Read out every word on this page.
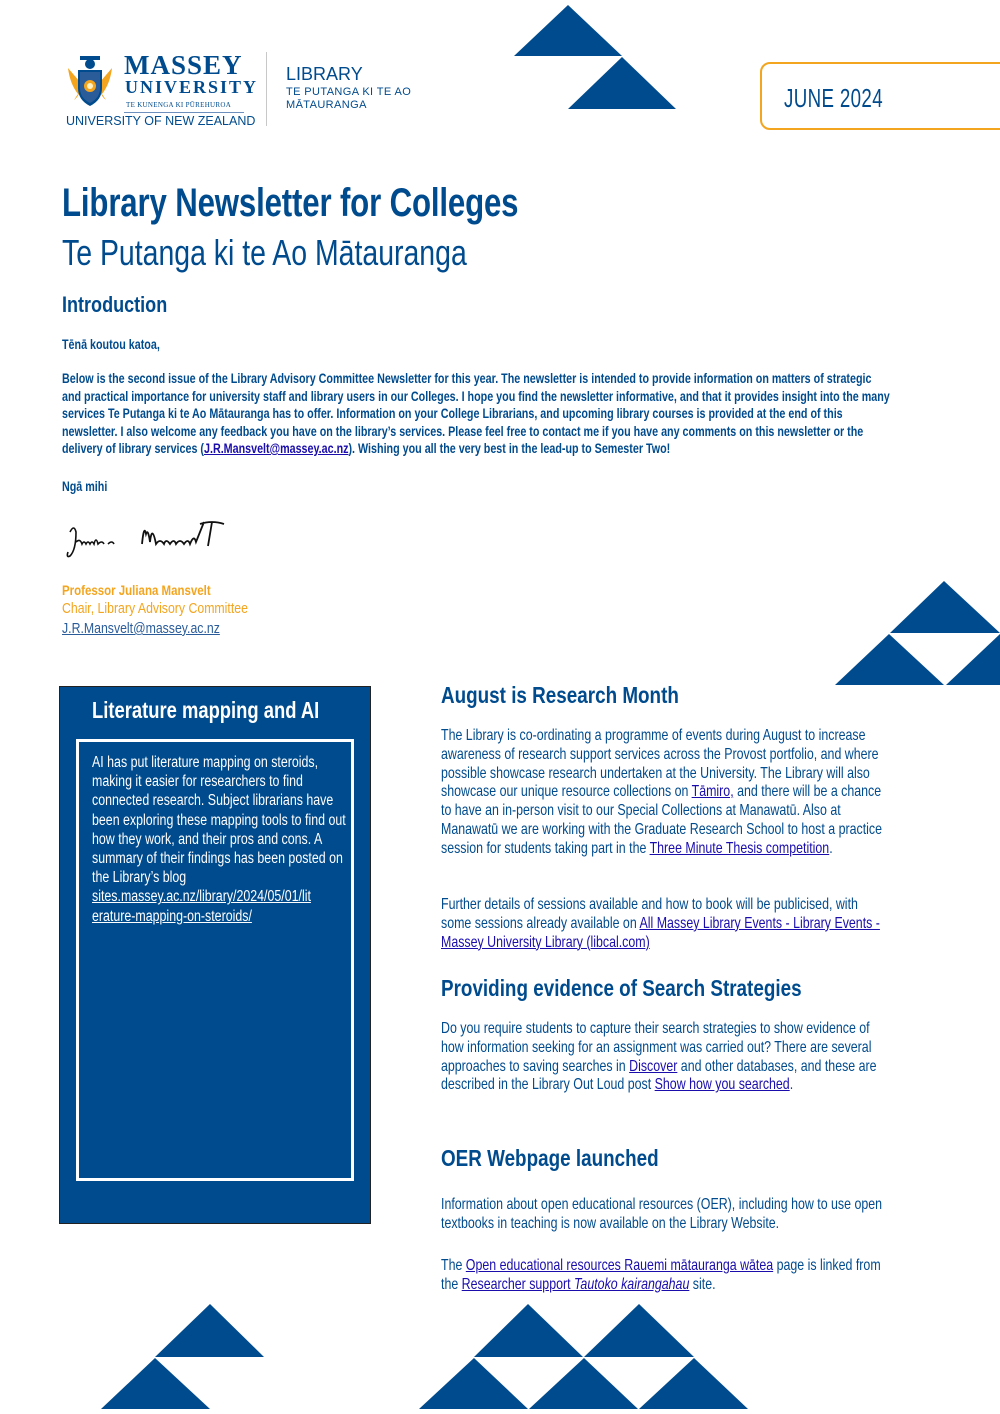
MASSEY
UNIVERSITY
TE KUNENGA KI PŪREHUROA
UNIVERSITY OF NEW ZEALAND
LIBRARY
TE PUTANGA KI TE AO MĀTAURANGA	JUNE 2024
Library Newsletter for Colleges
Te Putanga ki te Ao Mātauranga
Introduction
Tēnā koutou katoa,
Below is the second issue of the Library Advisory Committee Newsletter for this year. The newsletter is intended to provide information on matters of strategic
and practical importance for university staff and library users in our Colleges. I hope you find the newsletter informative, and that it provides insight into the many
services Te Putanga ki te Ao Mātauranga has to offer. Information on your College Librarians, and upcoming library courses is provided at the end of this
newsletter. I also welcome any feedback you have on the library’s services. Please feel free to contact me if you have any comments on this newsletter or the
delivery of library services (J.R.Mansvelt@massey.ac.nz). Wishing you all the very best in the lead-up to Semester Two!
Ngā mihi
Professor Juliana Mansvelt
Chair, Library Advisory Committee
J.R.Mansvelt@massey.ac.nz
Literature mapping and AI
AI has put literature mapping on steroids, making it easier for researchers to find connected research. Subject librarians have been exploring these mapping tools to find out how they work, and their pros and cons. A summary of their findings has been posted on the Library’s blog
sites.massey.ac.nz/library/2024/05/01/lit
erature-mapping-on-steroids/
August is Research Month
The Library is co-ordinating a programme of events during August to increase awareness of research support services across the Provost portfolio, and where possible showcase research undertaken at the University. The Library will also showcase our unique resource collections on Tāmiro, and there will be a chance to have an in-person visit to our Special Collections at Manawatū. Also at Manawatū we are working with the Graduate Research School to host a practice session for students taking part in the Three Minute Thesis competition.
Further details of sessions available and how to book will be publicised, with some sessions already available on All Massey Library Events - Library Events - Massey University Library (libcal.com)
Providing evidence of Search Strategies
Do you require students to capture their search strategies to show evidence of how information seeking for an assignment was carried out? There are several approaches to saving searches in Discover and other databases, and these are described in the Library Out Loud post Show how you searched.
OER Webpage launched
Information about open educational resources (OER), including how to use open textbooks in teaching is now available on the Library Website.
The Open educational resources Rauemi mātauranga wātea page is linked from the Researcher support Tautoko kairangahau site.
